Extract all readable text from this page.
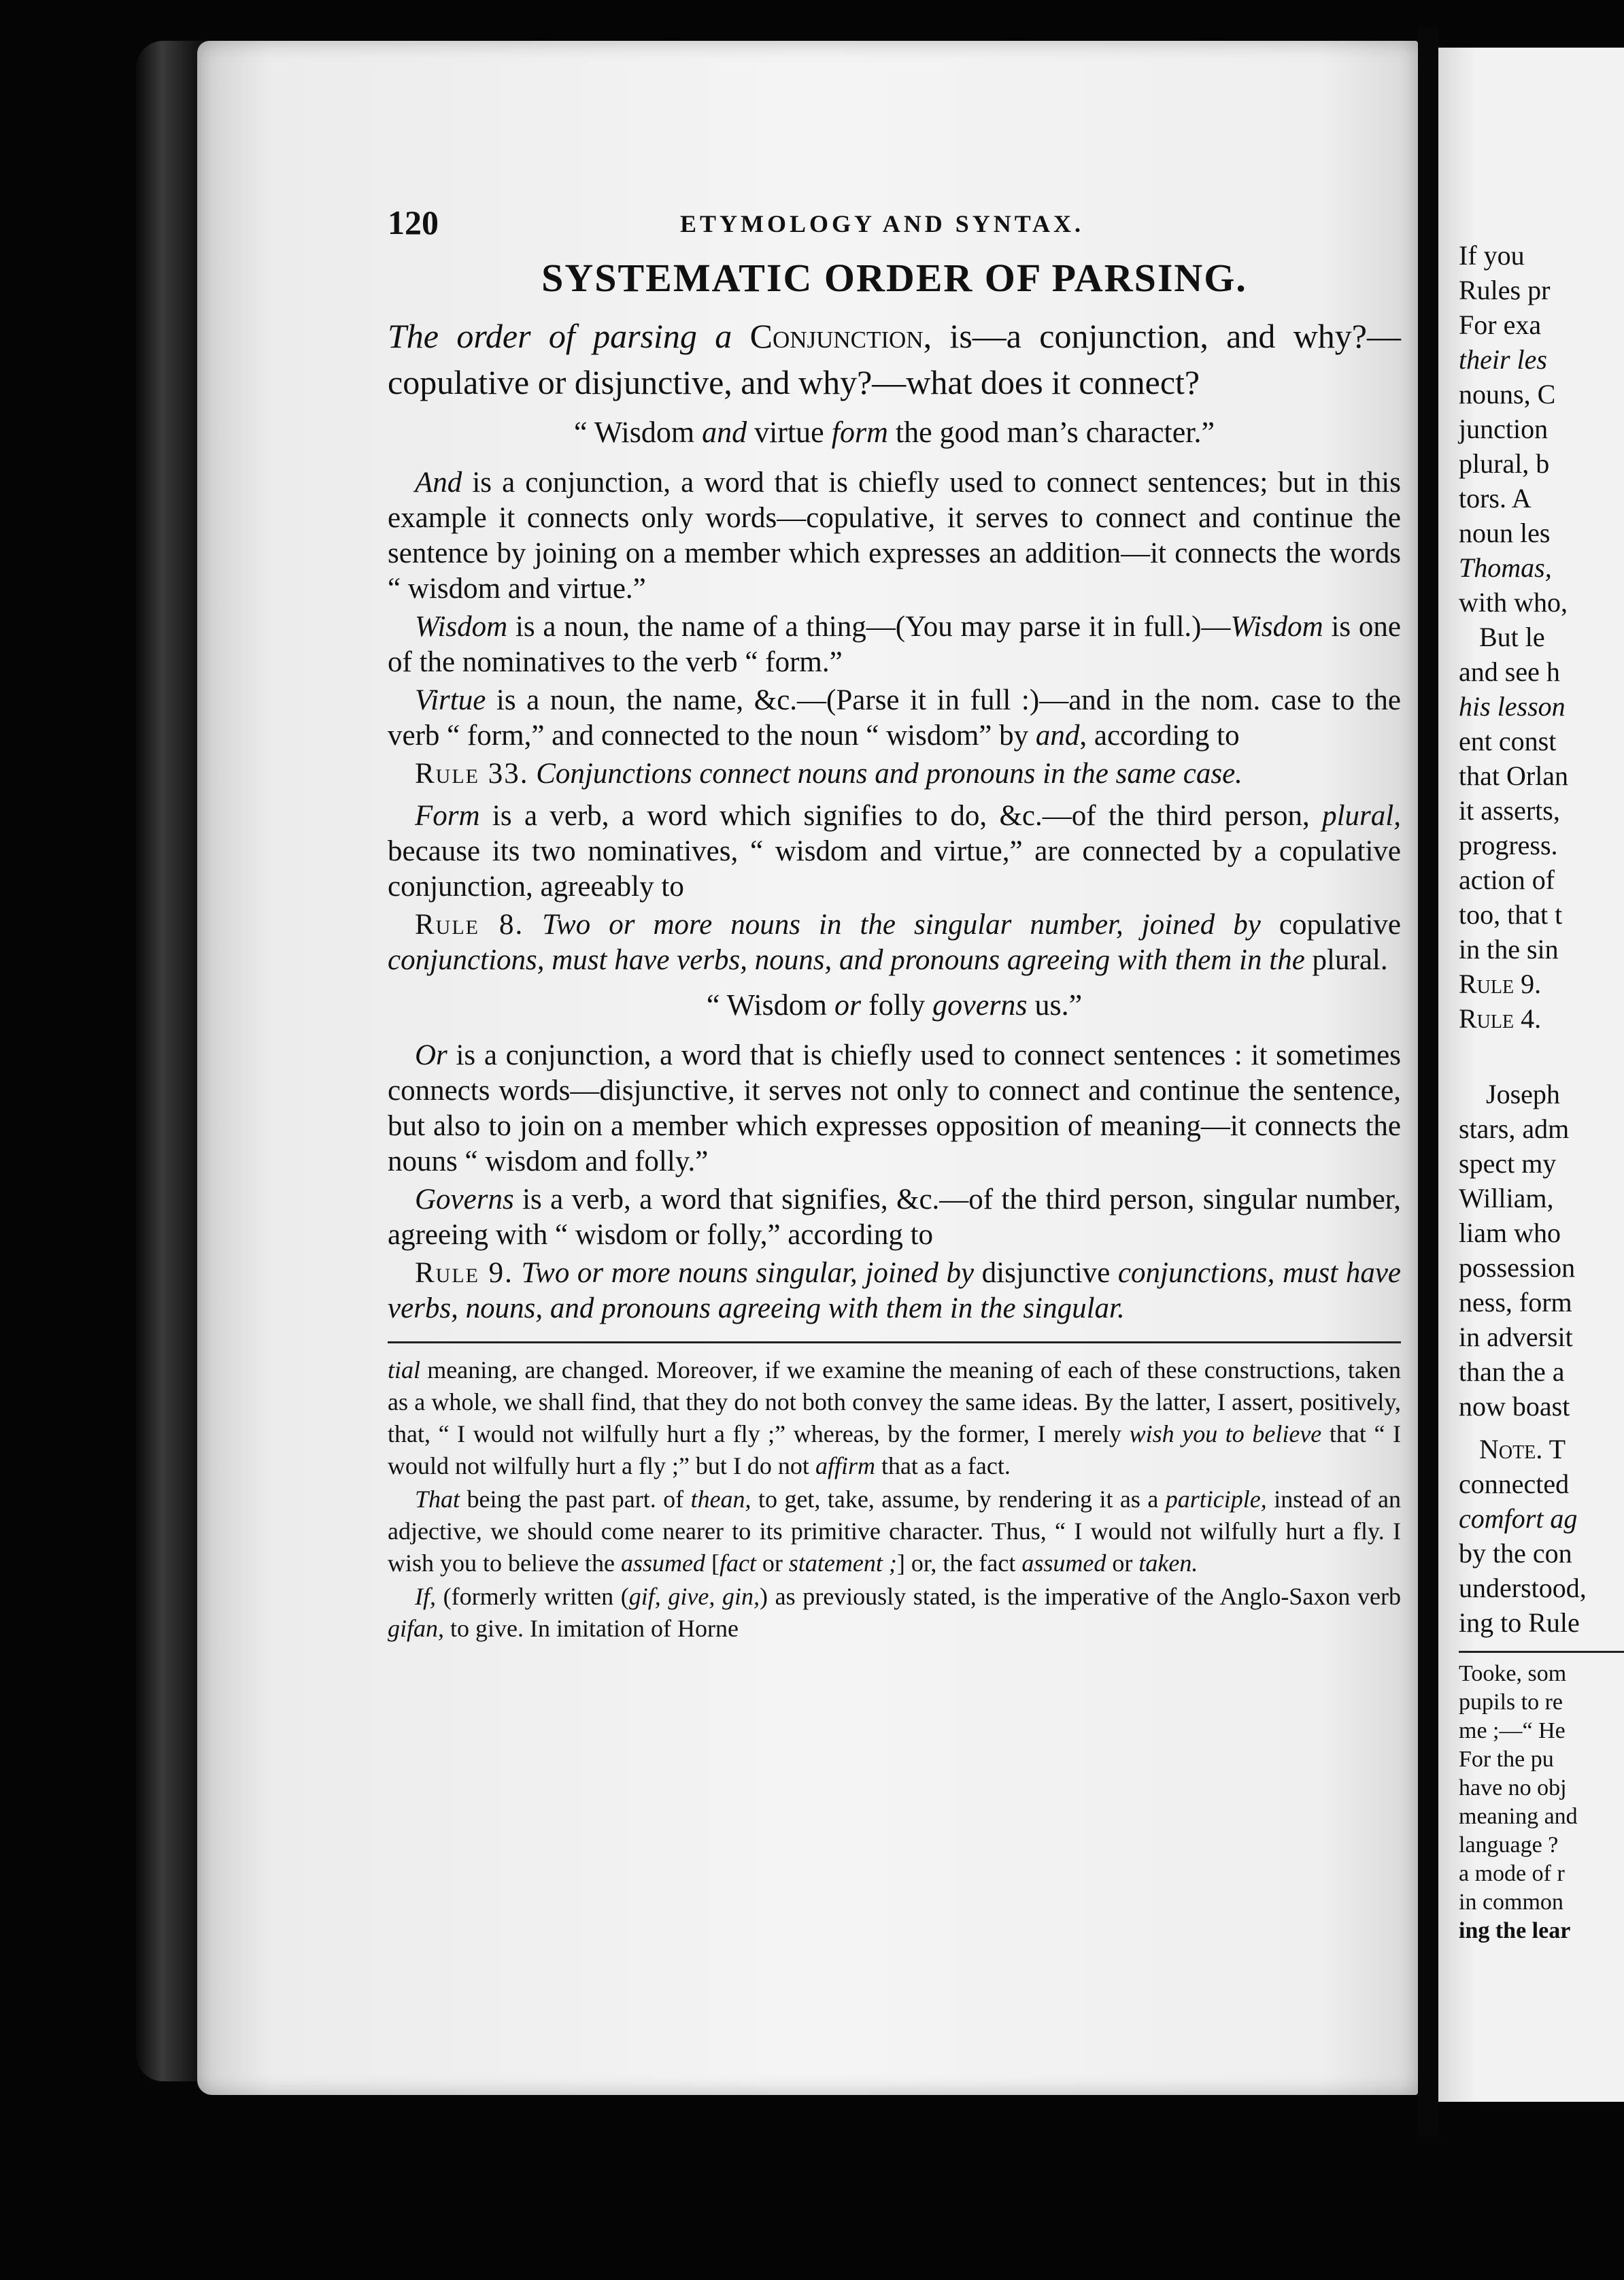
120	ETYMOLOGY AND SYNTAX.
SYSTEMATIC ORDER OF PARSING.

The order of parsing a Conjunction, is—a conjunction, and why?—copulative or disjunctive, and why?—what does it connect?

“ Wisdom and virtue form the good man’s character.”

And is a conjunction, a word that is chiefly used to connect sentences; but in this example it connects only words—copulative, it serves to connect and continue the sentence by joining on a member which expresses an addition—it connects the words “ wisdom and virtue.”

Wisdom is a noun, the name of a thing—(You may parse it in full.)—Wisdom is one of the nominatives to the verb “ form.”

Virtue is a noun, the name, &c.—(Parse it in full :)—and in the nom. case to the verb “ form,” and connected to the noun “ wisdom” by and, according to

Rule 33. Conjunctions connect nouns and pronouns in the same case.

Form is a verb, a word which signifies to do, &c.—of the third person, plural, because its two nominatives, “ wisdom and virtue,” are connected by a copulative conjunction, agreeably to

Rule 8. Two or more nouns in the singular number, joined by copulative conjunctions, must have verbs, nouns, and pronouns agreeing with them in the plural.

“ Wisdom or folly governs us.”

Or is a conjunction, a word that is chiefly used to connect sentences : it sometimes connects words—disjunctive, it serves not only to connect and continue the sentence, but also to join on a member which expresses opposition of meaning—it connects the nouns “ wisdom and folly.”

Governs is a verb, a word that signifies, &c.—of the third person, singular number, agreeing with “ wisdom or folly,” according to

Rule 9. Two or more nouns singular, joined by disjunctive conjunctions, must have verbs, nouns, and pronouns agreeing with them in the singular.

tial meaning, are changed. Moreover, if we examine the meaning of each of these constructions, taken as a whole, we shall find, that they do not both convey the same ideas. By the latter, I assert, positively, that, “ I would not wilfully hurt a fly ;” whereas, by the former, I merely wish you to believe that “ I would not wilfully hurt a fly ;” but I do not affirm that as a fact.

That being the past part. of thean, to get, take, assume, by rendering it as a participle, instead of an adjective, we should come nearer to its primitive character. Thus, “ I would not wilfully hurt a fly. I wish you to believe the assumed [fact or statement ;] or, the fact assumed or taken.

If, (formerly written (gif, give, gin,) as previously stated, is the imperative of the Anglo-Saxon verb gifan, to give. In imitation of Horne

If you
Rules pr
For exa
their les
nouns, C
junction
plural, b
tors. A
noun les
Thomas,
with who,
But le
and see h
his lesson
ent const
that Orlan
it asserts,
progress.
action of
too, that t
in the sin
Rule 9.
Rule 4.
Joseph
stars, adm
spect my
William,
liam who
possession
ness, form
in adversit
than the a
now boast
Note. T
connected
comfort ag
by the con
understood,
ing to Rule
Tooke, som
pupils to re
me ;—“ He
For the pu
have no obj
meaning and
language ?
a mode of r
in common
ing the lear
